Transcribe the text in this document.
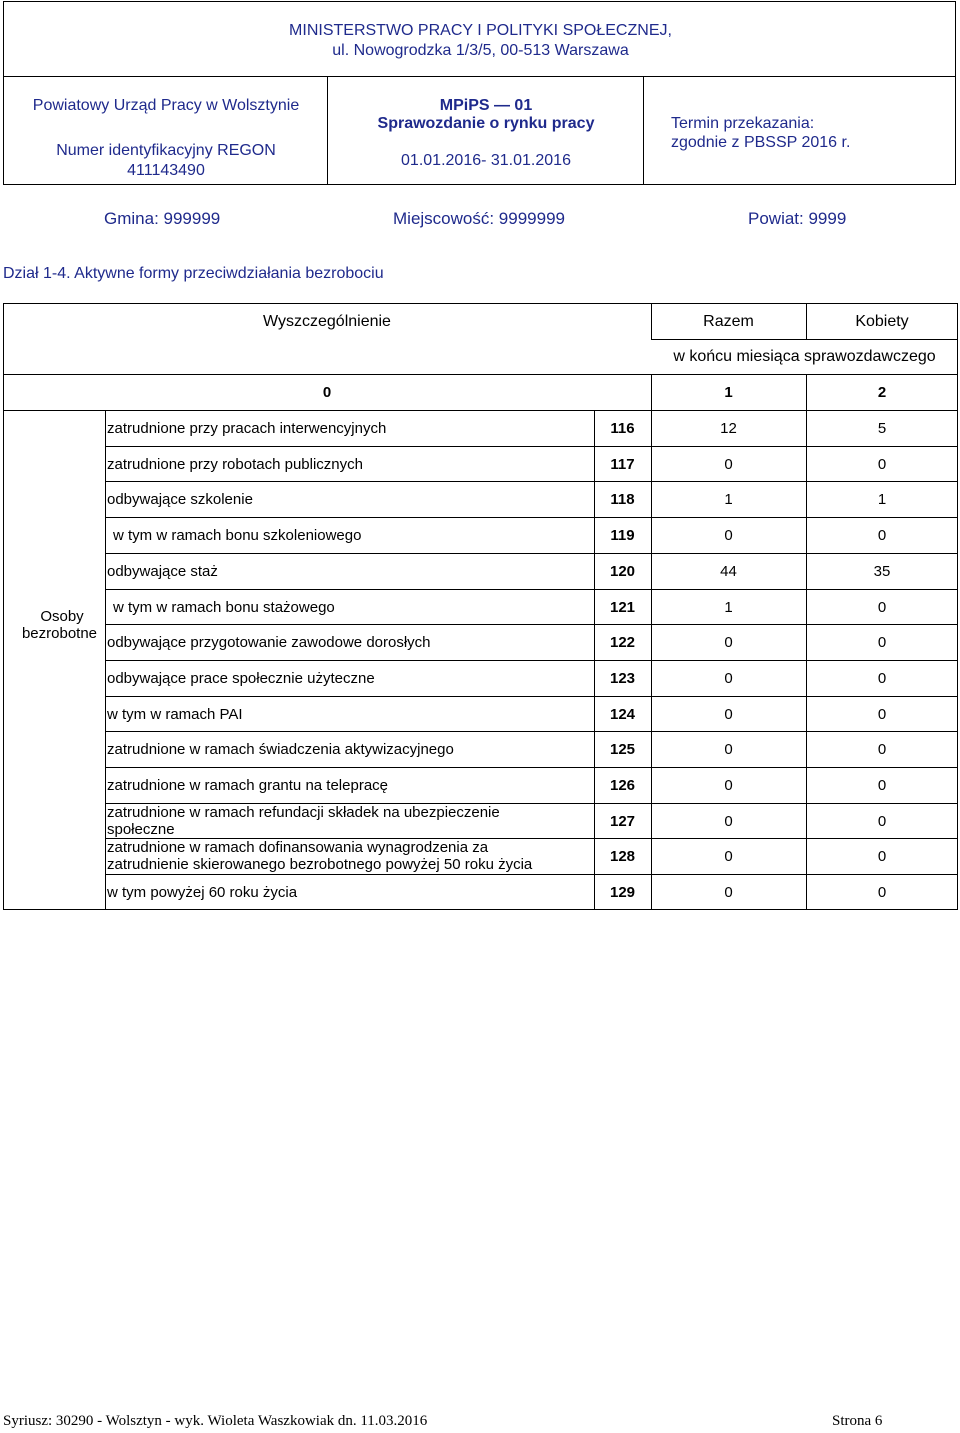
MINISTERSTWO PRACY I POLITYKI SPOŁECZNEJ,
ul. Nowogrodzka 1/3/5, 00-513 Warszawa
Powiatowy Urząd Pracy w Wolsztynie
Numer identyfikacyjny REGON
411143490
MPiPS — 01
Sprawozdanie o rynku pracy
01.01.2016- 31.01.2016
Termin przekazania:
zgodnie z PBSSP 2016 r.
Gmina: 999999	Miejscowość: 9999999	Powiat: 9999
Dział 1-4. Aktywne formy przeciwdziałania bezrobociu
Wyszczególnienie	Razem	Kobiety
w końcu miesiąca sprawozdawczego
0	1	2
Osoby
bezrobotne
zatrudnione przy pracach interwencyjnych	116	12	5
zatrudnione przy robotach publicznych	117	0	0
odbywające szkolenie	118	1	1
w tym w ramach bonu szkoleniowego	119	0	0
odbywające staż	120	44	35
w tym w ramach bonu stażowego	121	1	0
odbywające przygotowanie zawodowe dorosłych	122	0	0
odbywające prace społecznie użyteczne	123	0	0
w tym w ramach PAI	124	0	0
zatrudnione w ramach świadczenia aktywizacyjnego	125	0	0
zatrudnione w ramach grantu na telepracę	126	0	0
zatrudnione w ramach refundacji składek na ubezpieczenie
społeczne	127	0	0
zatrudnione w ramach dofinansowania wynagrodzenia za
zatrudnienie skierowanego bezrobotnego powyżej 50 roku życia	128	0	0
w tym powyżej 60 roku życia	129	0	0
Syriusz: 30290 - Wolsztyn - wyk. Wioleta Waszkowiak dn. 11.03.2016	Strona 6
